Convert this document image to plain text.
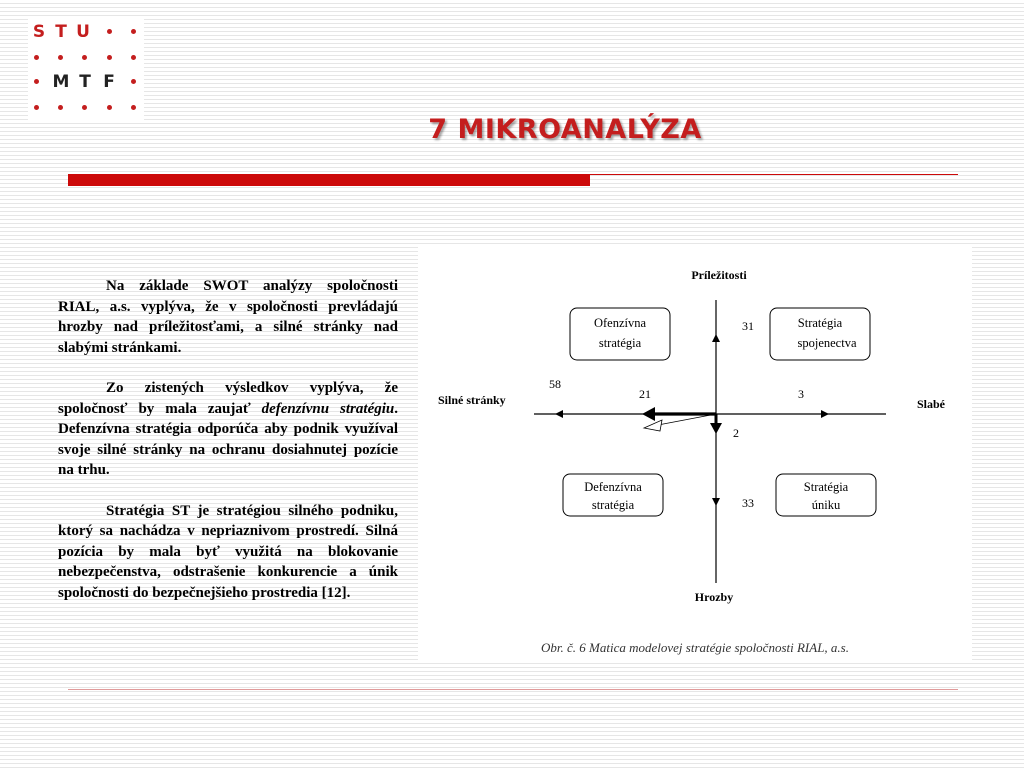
S T U
M T F
7 MIKROANALÝZA

Na základe SWOT analýzy spoločnosti RIAL, a.s. vyplýva, že v spoločnosti prevládajú hrozby nad príležitosťami, a silné stránky nad slabými stránkami.

Zo zistených výsledkov vyplýva, že spoločnosť by mala zaujať defenzívnu stratégiu. Defenzívna stratégia odporúča aby podnik využíval svoje silné stránky na ochranu dosiahnutej pozície na trhu.

Stratégia ST je stratégiou silného podniku, ktorý sa nachádza v nepriaznivom prostredí. Silná pozícia by mala byť využitá na blokovanie nebezpečenstva, odstrašenie konkurencie a únik spoločnosti do bezpečnejšieho prostredia [12].

Príležitosti
Hrozby
Silné stránky	Slabé
Ofenzívna
stratégia
Stratégia
spojenectva
Defenzívna
stratégia
Stratégia
úniku
31
33
58
21	3
2
Obr. č. 6 Matica modelovej stratégie spoločnosti RIAL, a.s.
